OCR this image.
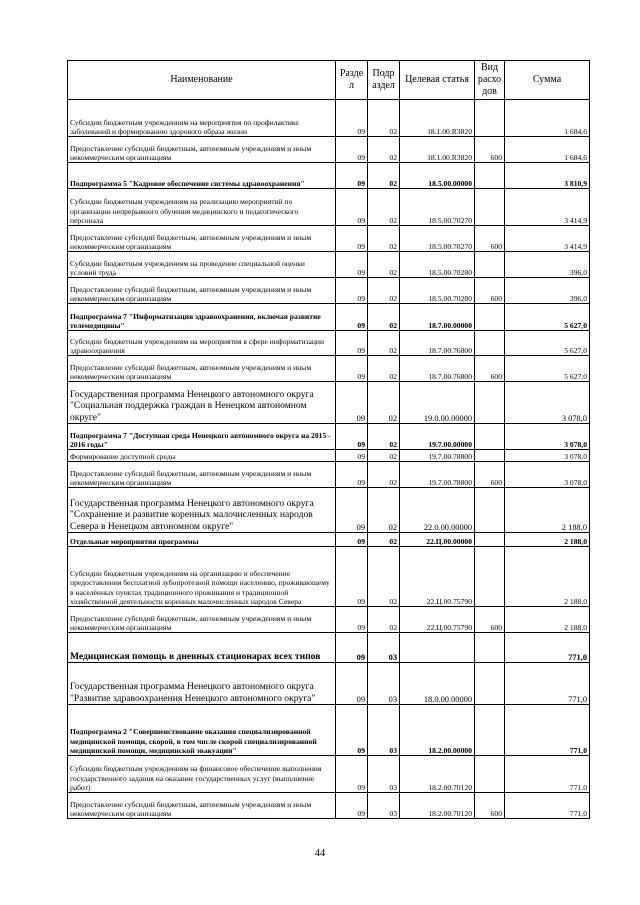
Наименование	Разде л	Подр аздел	Целевая статья	Вид расхо дов	Сумма
Субсидии бюджетным учреждениям на мероприятия по профилактике заболеваний и формированию здорового образа жизни	09	02	18.1.00.R3820		1 684,6
Предоставление субсидий бюджетным, автономным учреждениям и иным некоммерческим организациям	09	02	18.1.00.R3820	600	1 684,6
Подпрограмма 5 "Кадровое обеспечение системы здравоохранения"	09	02	18.5.00.00000		3 810,9
Субсидии бюджетным учреждениям на реализацию мероприятий по организации непрерывного обучения медицинского и педагогического персонала	09	02	18.5.00.70270		3 414,9
Предоставление субсидий бюджетным, автономным учреждениям и иным некоммерческим организациям	09	02	18.5.00.70270	600	3 414,9
Субсидии бюджетным учреждениям на проведение специальной оценки условий труда	09	02	18.5.00.70280		396,0
Предоставление субсидий бюджетным, автономным учреждениям и иным некоммерческим организациям	09	02	18.5.00.70280	600	396,0
Подпрограмма 7 "Информатизация здравоохранения, включая развитие телемедицины"	09	02	18.7.00.00000		5 627,0
Субсидии бюджетным учреждениям на мероприятия в сфере информатизации здравоохранения	09	02	18.7.00.76800		5 627,0
Предоставление субсидий бюджетным, автономным учреждениям и иным некоммерческим организациям	09	02	18.7.00.76800	600	5 627,0
Государственная программа Ненецкого автономного округа "Социальная поддержка граждан в Ненецком автономном округе"	09	02	19.0.00.00000		3 078,0
Подпрограмма 7 "Доступная среда Ненецкого автономного округа на 2015 - 2016 годы"	09	02	19.7.00.00000		3 078,0
Формирование доступной среды	09	02	19.7.00.78800		3 078,0
Предоставление субсидий бюджетным, автономным учреждениям и иным некоммерческим организациям	09	02	19.7.00.78800	600	3 078,0
Государственная программа Ненецкого автономного округа "Сохранение и развитие коренных малочисленных народов Севера в Ненецком автономном округе"	09	02	22.0.00.00000		2 188,0
Отдельные мероприятия программы	09	02	22.Ц.00.00000		2 188,0
Субсидии бюджетным учреждениям на организацию и обеспечение предоставления бесплатной зубопротезной помощи населению, проживающему в населённых пунктах традиционного проживания и традиционной хозяйственной деятельности коренных малочисленных народов Севера	09	02	22.Ц.00.75790		2 188,0
Предоставление субсидий бюджетным, автономным учреждениям и иным некоммерческим организациям	09	02	22.Ц.00.75790	600	2 188,0
Медицинская помощь в дневных стационарах всех типов	09	03			771,0
Государственная программа Ненецкого автономного округа "Развитие здравоохранения Ненецкого автономного округа"	09	03	18.0.00.00000		771,0
Подпрограмма 2 "Совершенствование оказания специализированной медицинской помощи, скорой, в том числе скорой специализированной медицинской помощи, медицинской эвакуации"	09	03	18.2.00.00000		771,0
Субсидии бюджетным учреждениям на финансовое обеспечение выполнения государственного задания на оказание государственных услуг (выполнение работ)	09	03	18.2.00.70120		771,0
Предоставление субсидий бюджетным, автономным учреждениям и иным некоммерческим организациям	09	03	18.2.00.70120	600	771,0
44
